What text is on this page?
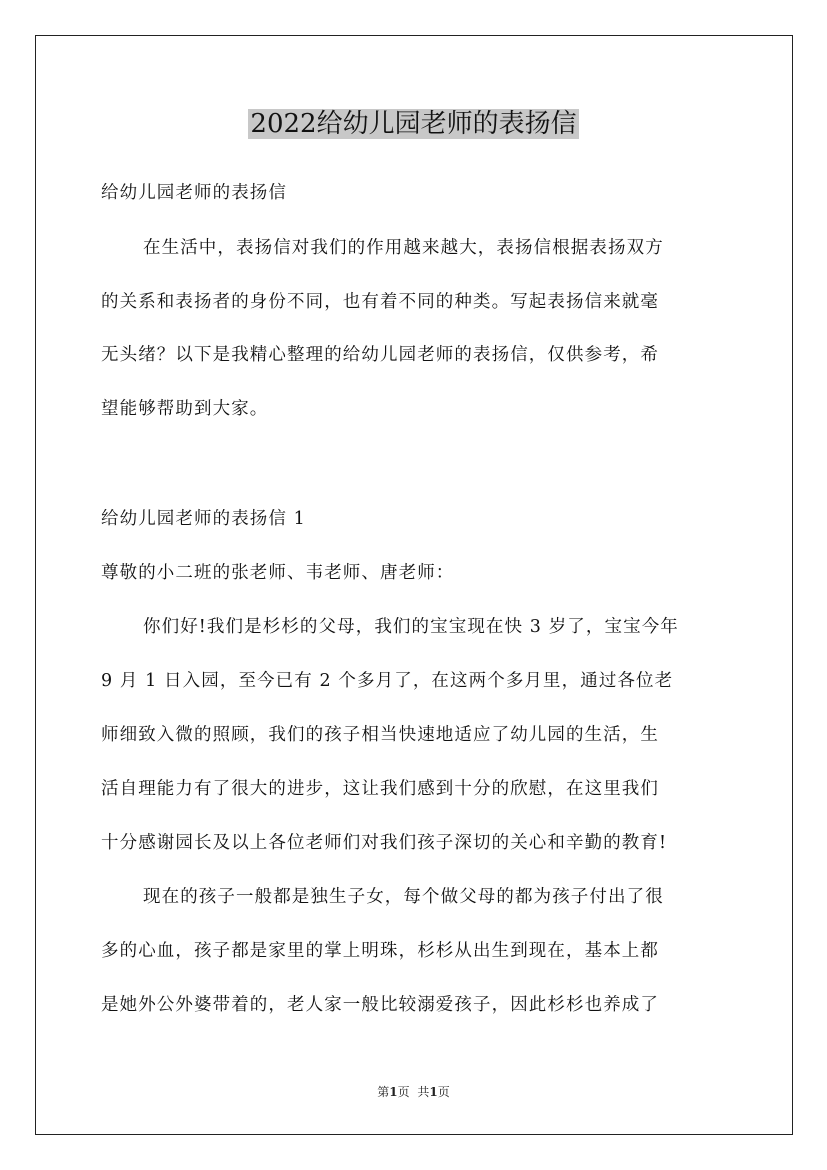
2022给幼儿园老师的表扬信
给幼儿园老师的表扬信
在生活中，表扬信对我们的作用越来越大，表扬信根据表扬双方
的关系和表扬者的身份不同，也有着不同的种类。写起表扬信来就毫
无头绪？以下是我精心整理的给幼儿园老师的表扬信，仅供参考，希
望能够帮助到大家。
给幼儿园老师的表扬信 1
尊敬的小二班的张老师、韦老师、唐老师：
你们好!我们是杉杉的父母，我们的宝宝现在快 3 岁了，宝宝今年
9 月 1 日入园，至今已有 2 个多月了，在这两个多月里，通过各位老
师细致入微的照顾，我们的孩子相当快速地适应了幼儿园的生活，生
活自理能力有了很大的进步，这让我们感到十分的欣慰，在这里我们
十分感谢园长及以上各位老师们对我们孩子深切的关心和辛勤的教育!
现在的孩子一般都是独生子女，每个做父母的都为孩子付出了很
多的心血，孩子都是家里的掌上明珠，杉杉从出生到现在，基本上都
是她外公外婆带着的，老人家一般比较溺爱孩子，因此杉杉也养成了
第1页 共1页
